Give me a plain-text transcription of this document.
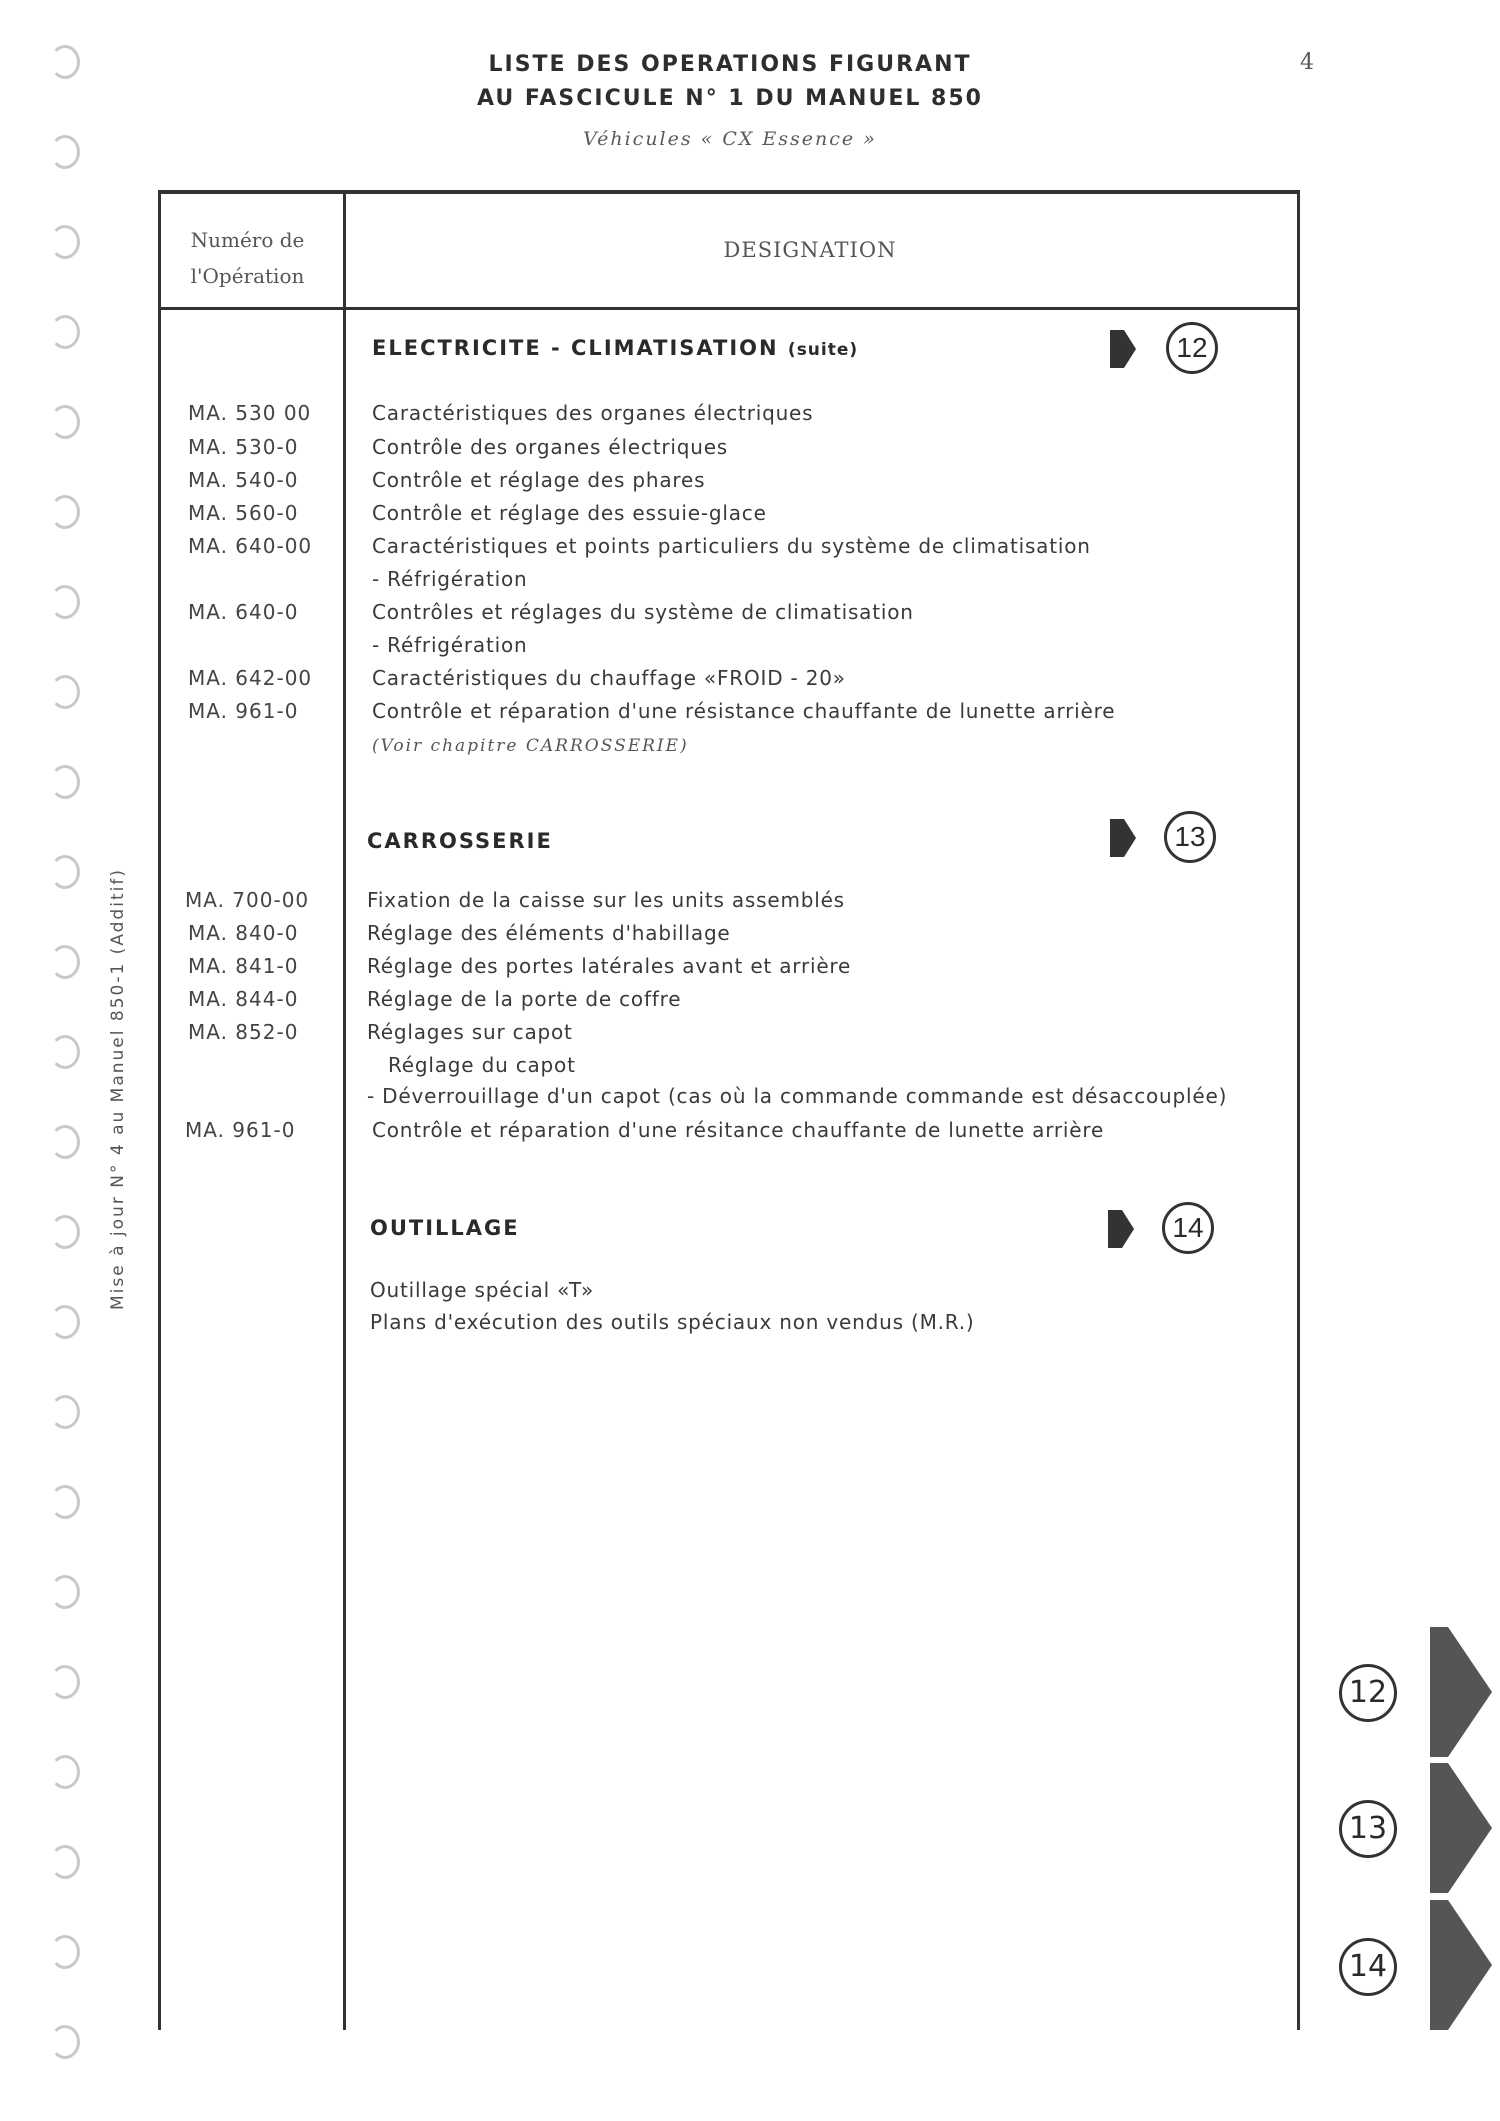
Mise à jour N° 4 au Manuel 850-1 (Additif)
4
LISTE DES OPERATIONS FIGURANT
AU FASCICULE N° 1 DU MANUEL 850
Véhicules « CX Essence »
Numéro de
l'Opération
DESIGNATION
ELECTRICITE - CLIMATISATION (suite)	12
MA. 530 00	Caractéristiques des organes électriques
MA. 530-0	Contrôle des organes électriques
MA. 540-0	Contrôle et réglage des phares
MA. 560-0	Contrôle et réglage des essuie-glace
MA. 640-00	Caractéristiques et points particuliers du système de climatisation
- Réfrigération
MA. 640-0	Contrôles et réglages du système de climatisation
- Réfrigération
MA. 642-00	Caractéristiques du chauffage «FROID - 20»
MA. 961-0	Contrôle et réparation d'une résistance chauffante de lunette arrière
(Voir chapitre CARROSSERIE)
CARROSSERIE	13
MA. 700-00	Fixation de la caisse sur les units assemblés
MA. 840-0	Réglage des éléments d'habillage
MA. 841-0	Réglage des portes latérales avant et arrière
MA. 844-0	Réglage de la porte de coffre
MA. 852-0	Réglages sur capot
Réglage du capot
- Déverrouillage d'un capot (cas où la commande commande est désaccouplée)
MA. 961-0	Contrôle et réparation d'une résitance chauffante de lunette arrière
OUTILLAGE	14
Outillage spécial «T»
Plans d'exécution des outils spéciaux non vendus (M.R.)
12
13
14
